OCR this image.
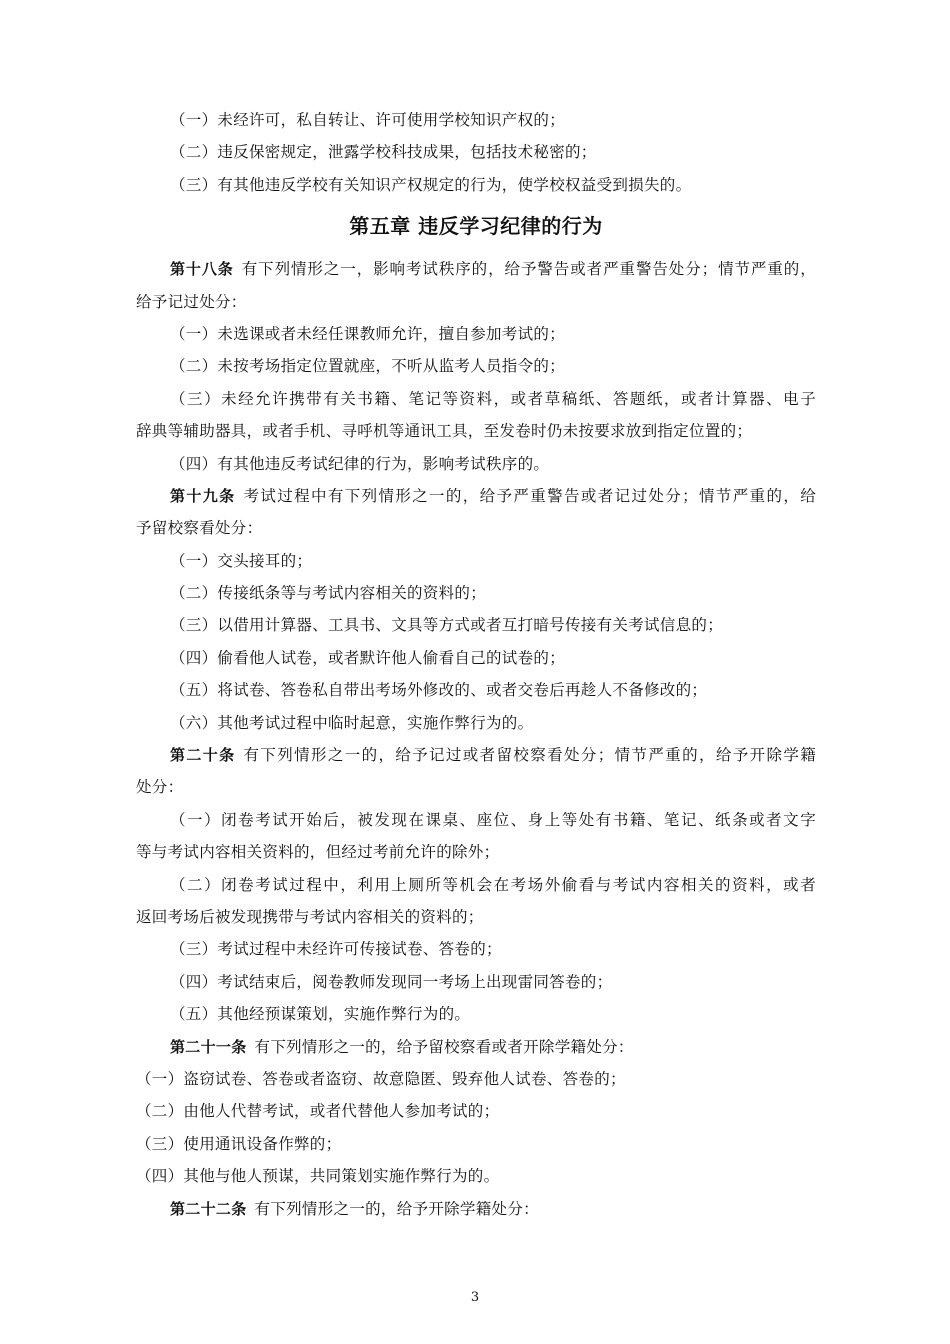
（一）未经许可，私自转让、许可使用学校知识产权的；
（二）违反保密规定，泄露学校科技成果，包括技术秘密的；
（三）有其他违反学校有关知识产权规定的行为，使学校权益受到损失的。
第五章 违反学习纪律的行为
第十八条 有下列情形之一，影响考试秩序的，给予警告或者严重警告处分；情节严重的，
给予记过处分：
（一）未选课或者未经任课教师允许，擅自参加考试的；
（二）未按考场指定位置就座，不听从监考人员指令的；
（三）未经允许携带有关书籍、笔记等资料，或者草稿纸、答题纸，或者计算器、电子
辞典等辅助器具，或者手机、寻呼机等通讯工具，至发卷时仍未按要求放到指定位置的；
（四）有其他违反考试纪律的行为，影响考试秩序的。
第十九条 考试过程中有下列情形之一的，给予严重警告或者记过处分；情节严重的，给
予留校察看处分：
（一）交头接耳的；
（二）传接纸条等与考试内容相关的资料的；
（三）以借用计算器、工具书、文具等方式或者互打暗号传接有关考试信息的；
（四）偷看他人试卷，或者默许他人偷看自己的试卷的；
（五）将试卷、答卷私自带出考场外修改的、或者交卷后再趁人不备修改的；
（六）其他考试过程中临时起意，实施作弊行为的。
第二十条 有下列情形之一的，给予记过或者留校察看处分；情节严重的，给予开除学籍
处分：
（一）闭卷考试开始后，被发现在课桌、座位、身上等处有书籍、笔记、纸条或者文字
等与考试内容相关资料的，但经过考前允许的除外；
（二）闭卷考试过程中，利用上厕所等机会在考场外偷看与考试内容相关的资料，或者
返回考场后被发现携带与考试内容相关的资料的；
（三）考试过程中未经许可传接试卷、答卷的；
（四）考试结束后，阅卷教师发现同一考场上出现雷同答卷的；
（五）其他经预谋策划，实施作弊行为的。
第二十一条 有下列情形之一的，给予留校察看或者开除学籍处分：
（一）盗窃试卷、答卷或者盗窃、故意隐匿、毁弃他人试卷、答卷的；
（二）由他人代替考试，或者代替他人参加考试的；
（三）使用通讯设备作弊的；
（四）其他与他人预谋，共同策划实施作弊行为的。
第二十二条 有下列情形之一的，给予开除学籍处分：
3
